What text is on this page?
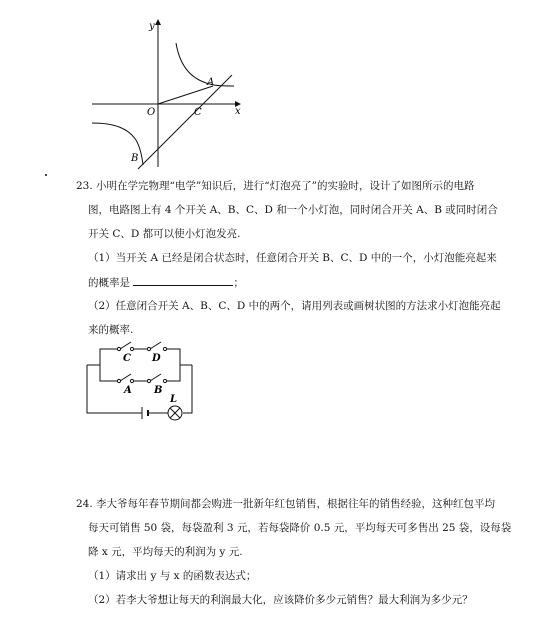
y
x
O
A
C
B
23. 小明在学完物理“电学”知识后，进行“灯泡亮了”的实验时，设计了如图所示的电路
图，电路图上有 4 个开关 A、B、C、D 和一个小灯泡，同时闭合开关 A、B 或同时闭合
开关 C、D 都可以使小灯泡发亮.
（1）当开关 A 已经是闭合状态时，任意闭合开关 B、C、D 中的一个，小灯泡能亮起来
的概率是	；
（2）任意闭合开关 A、B、C、D 中的两个，请用列表或画树状图的方法求小灯泡能亮起
来的概率.
C D
A B
L
24. 李大爷每年春节期间都会购进一批新年红包销售，根据往年的销售经验，这种红包平均
每天可销售 50 袋，每袋盈利 3 元，若每袋降价 0.5 元，平均每天可多售出 25 袋，设每袋
降 x 元，平均每天的利润为 y 元.
（1）请求出 y 与 x 的函数表达式；
（2）若李大爷想让每天的利润最大化，应该降价多少元销售？最大利润为多少元？
